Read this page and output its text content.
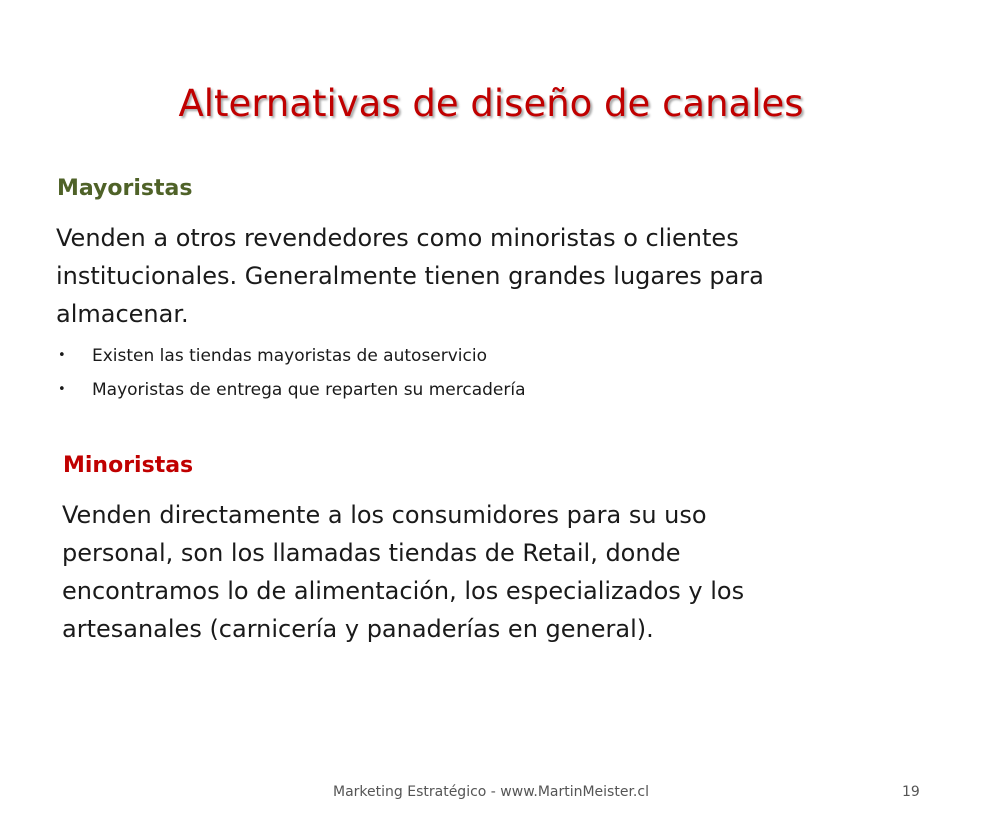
Alternativas de diseño de canales
Mayoristas
Venden a otros revendedores como minoristas o clientes
institucionales. Generalmente tienen grandes lugares para
almacenar.
• Existen las tiendas mayoristas de autoservicio
• Mayoristas de entrega que reparten su mercadería
Minoristas
Venden directamente a los consumidores para su uso
personal, son los llamadas tiendas de Retail, donde
encontramos lo de alimentación, los especializados y los
artesanales (carnicería y panaderías en general).
Marketing Estratégico - www.MartinMeister.cl	19
